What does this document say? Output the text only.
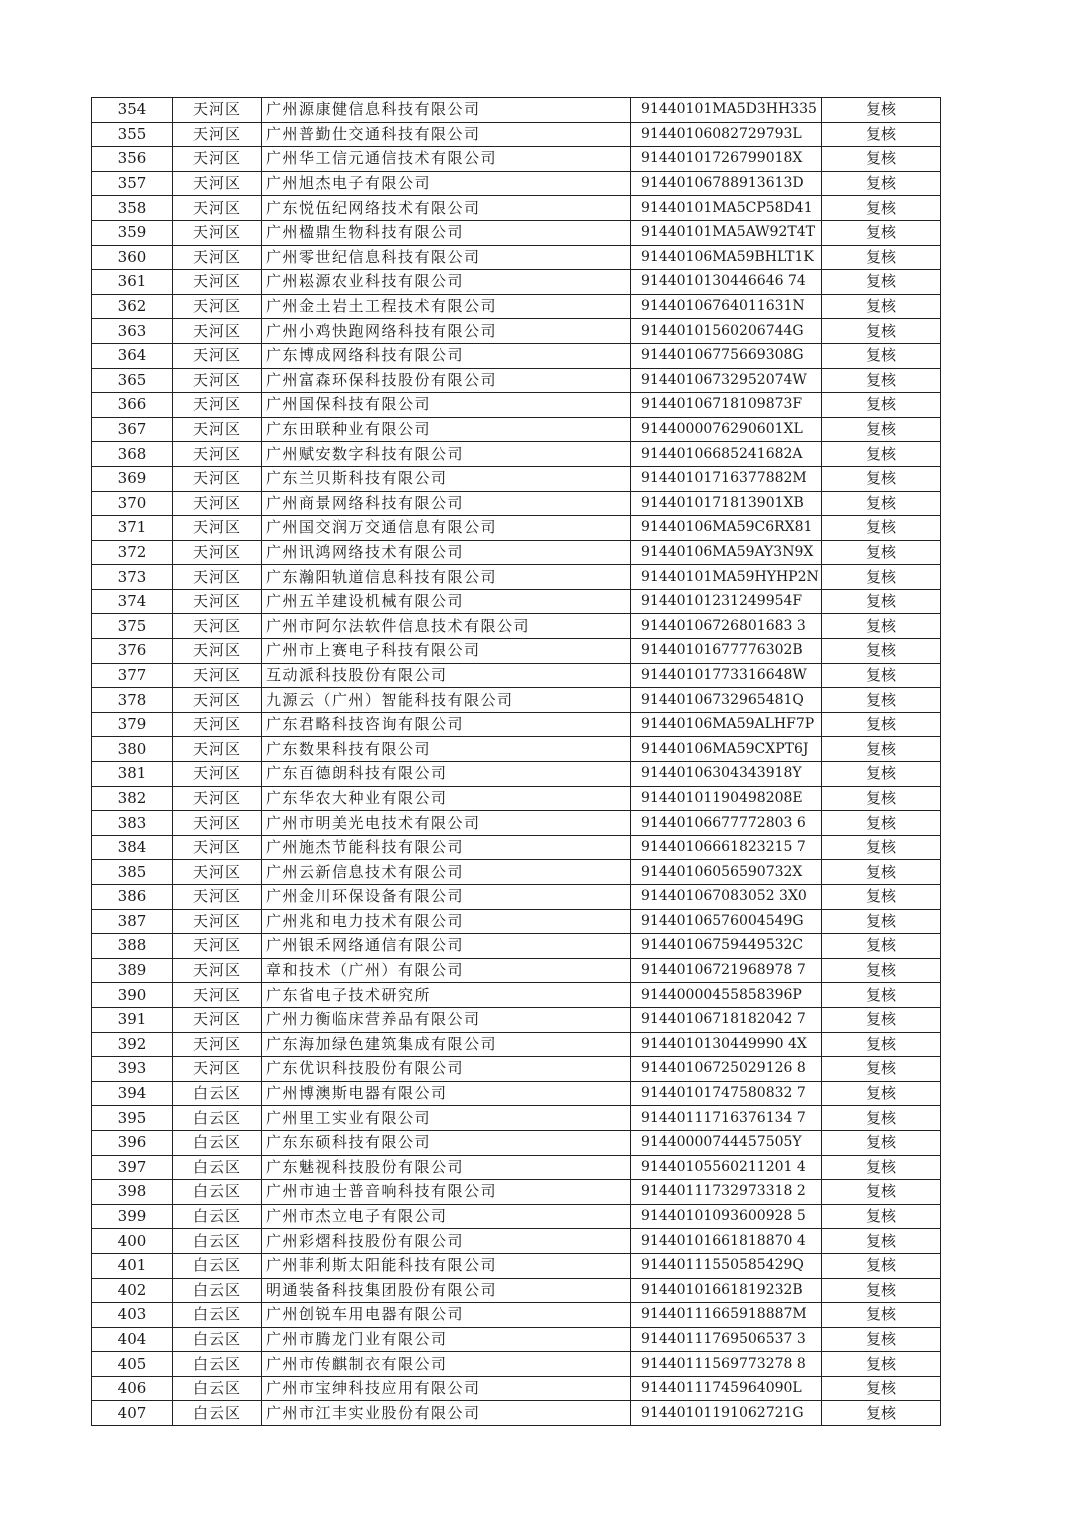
354	天河区	广州源康健信息科技有限公司	91440101MA5D3HH335	复核
355	天河区	广州普勤仕交通科技有限公司	91440106082729793L	复核
356	天河区	广州华工信元通信技术有限公司	91440101726799018X	复核
357	天河区	广州旭杰电子有限公司	91440106788913613D	复核
358	天河区	广东悦伍纪网络技术有限公司	91440101MA5CP58D41	复核
359	天河区	广州楹鼎生物科技有限公司	91440101MA5AW92T4T	复核
360	天河区	广州零世纪信息科技有限公司	91440106MA59BHLT1K	复核
361	天河区	广州崧源农业科技有限公司	9144010130446646 74	复核
362	天河区	广州金土岩土工程技术有限公司	91440106764011631N	复核
363	天河区	广州小鸡快跑网络科技有限公司	91440101560206744G	复核
364	天河区	广东博成网络科技有限公司	91440106775669308G	复核
365	天河区	广州富森环保科技股份有限公司	91440106732952074W	复核
366	天河区	广州国保科技有限公司	91440106718109873F	复核
367	天河区	广东田联种业有限公司	9144000076290601XL	复核
368	天河区	广州赋安数字科技有限公司	91440106685241682A	复核
369	天河区	广东兰贝斯科技有限公司	91440101716377882M	复核
370	天河区	广州商景网络科技有限公司	9144010171813901XB	复核
371	天河区	广州国交润万交通信息有限公司	91440106MA59C6RX81	复核
372	天河区	广州讯鸿网络技术有限公司	91440106MA59AY3N9X	复核
373	天河区	广东瀚阳轨道信息科技有限公司	91440101MA59HYHP2N	复核
374	天河区	广州五羊建设机械有限公司	91440101231249954F	复核
375	天河区	广州市阿尔法软件信息技术有限公司	91440106726801683 3	复核
376	天河区	广州市上赛电子科技有限公司	91440101677776302B	复核
377	天河区	互动派科技股份有限公司	91440101773316648W	复核
378	天河区	九源云（广州）智能科技有限公司	91440106732965481Q	复核
379	天河区	广东君略科技咨询有限公司	91440106MA59ALHF7P	复核
380	天河区	广东数果科技有限公司	91440106MA59CXPT6J	复核
381	天河区	广东百德朗科技有限公司	91440106304343918Y	复核
382	天河区	广东华农大种业有限公司	91440101190498208E	复核
383	天河区	广州市明美光电技术有限公司	91440106677772803 6	复核
384	天河区	广州施杰节能科技有限公司	91440106661823215 7	复核
385	天河区	广州云新信息技术有限公司	91440106056590732X	复核
386	天河区	广州金川环保设备有限公司	914401067083052 3X0	复核
387	天河区	广州兆和电力技术有限公司	91440106576004549G	复核
388	天河区	广州银禾网络通信有限公司	91440106759449532C	复核
389	天河区	章和技术（广州）有限公司	91440106721968978 7	复核
390	天河区	广东省电子技术研究所	91440000455858396P	复核
391	天河区	广州力衡临床营养品有限公司	91440106718182042 7	复核
392	天河区	广东海加绿色建筑集成有限公司	9144010130449990 4X	复核
393	天河区	广东优识科技股份有限公司	91440106725029126 8	复核
394	白云区	广州博澳斯电器有限公司	91440101747580832 7	复核
395	白云区	广州里工实业有限公司	91440111716376134 7	复核
396	白云区	广东东硕科技有限公司	91440000744457505Y	复核
397	白云区	广东魅视科技股份有限公司	91440105560211201 4	复核
398	白云区	广州市迪士普音响科技有限公司	91440111732973318 2	复核
399	白云区	广州市杰立电子有限公司	91440101093600928 5	复核
400	白云区	广州彩熠科技股份有限公司	91440101661818870 4	复核
401	白云区	广州菲利斯太阳能科技有限公司	91440111550585429Q	复核
402	白云区	明通装备科技集团股份有限公司	91440101661819232B	复核
403	白云区	广州创锐车用电器有限公司	91440111665918887M	复核
404	白云区	广州市腾龙门业有限公司	91440111769506537 3	复核
405	白云区	广州市传麒制衣有限公司	91440111569773278 8	复核
406	白云区	广州市宝绅科技应用有限公司	91440111745964090L	复核
407	白云区	广州市江丰实业股份有限公司	91440101191062721G	复核
